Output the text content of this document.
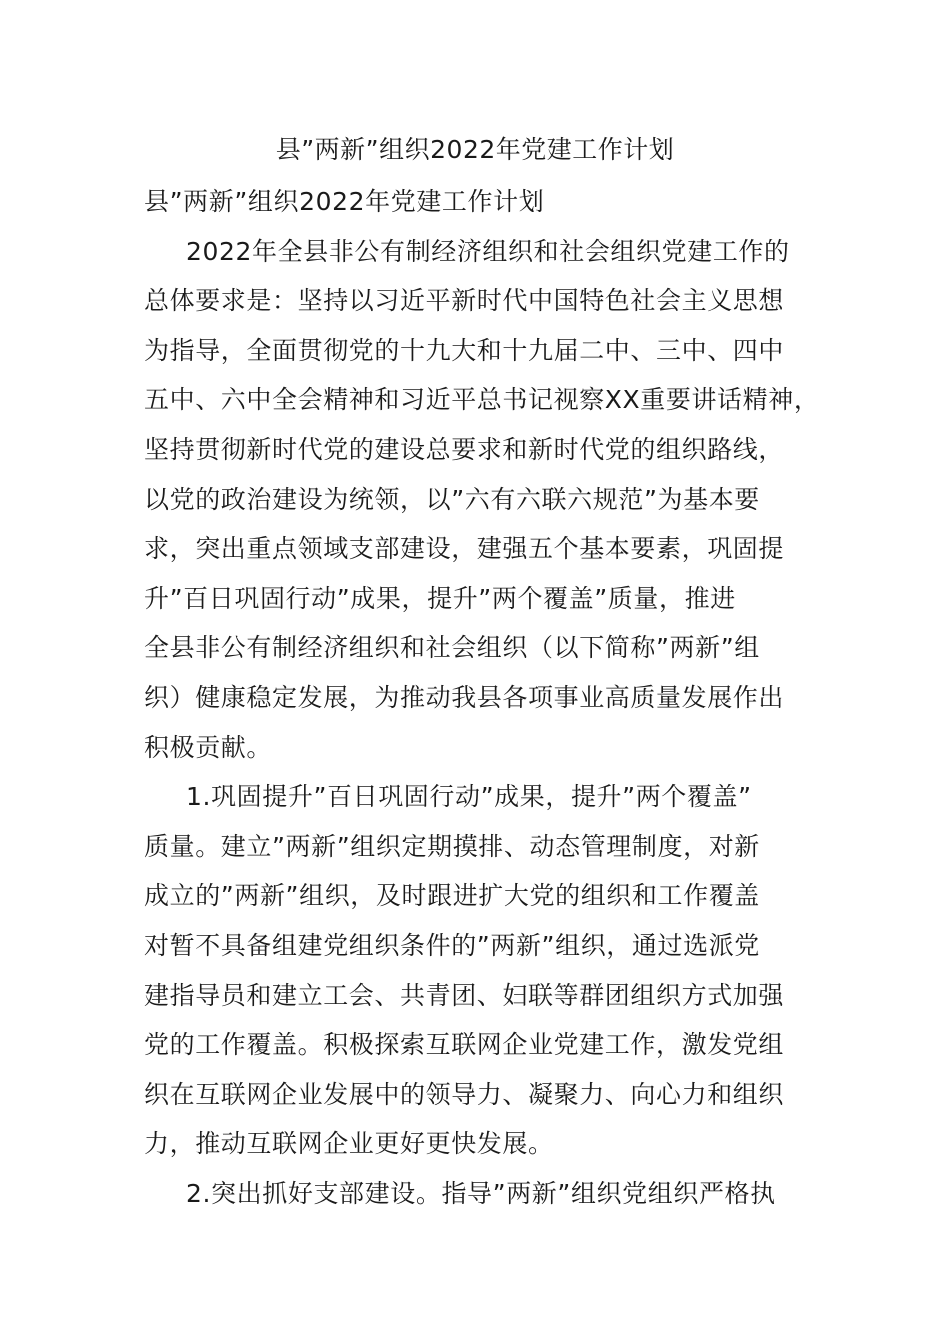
县”两新”组织2022年党建工作计划
县”两新”组织2022年党建工作计划
2022年全县非公有制经济组织和社会组织党建工作的
总体要求是：坚持以习近平新时代中国特色社会主义思想
为指导，全面贯彻党的十九大和十九届二中、三中、四中
五中、六中全会精神和习近平总书记视察XX重要讲话精神，
坚持贯彻新时代党的建设总要求和新时代党的组织路线，
以党的政治建设为统领，以”六有六联六规范”为基本要
求，突出重点领域支部建设，建强五个基本要素，巩固提
升”百日巩固行动”成果，提升”两个覆盖”质量，推进
全县非公有制经济组织和社会组织（以下简称”两新”组
织）健康稳定发展，为推动我县各项事业高质量发展作出
积极贡献。
1.巩固提升”百日巩固行动”成果，提升”两个覆盖”
质量。建立”两新”组织定期摸排、动态管理制度，对新
成立的”两新”组织，及时跟进扩大党的组织和工作覆盖
对暂不具备组建党组织条件的”两新”组织，通过选派党
建指导员和建立工会、共青团、妇联等群团组织方式加强
党的工作覆盖。积极探索互联网企业党建工作，激发党组
织在互联网企业发展中的领导力、凝聚力、向心力和组织
力，推动互联网企业更好更快发展。
2.突出抓好支部建设。指导”两新”组织党组织严格执
